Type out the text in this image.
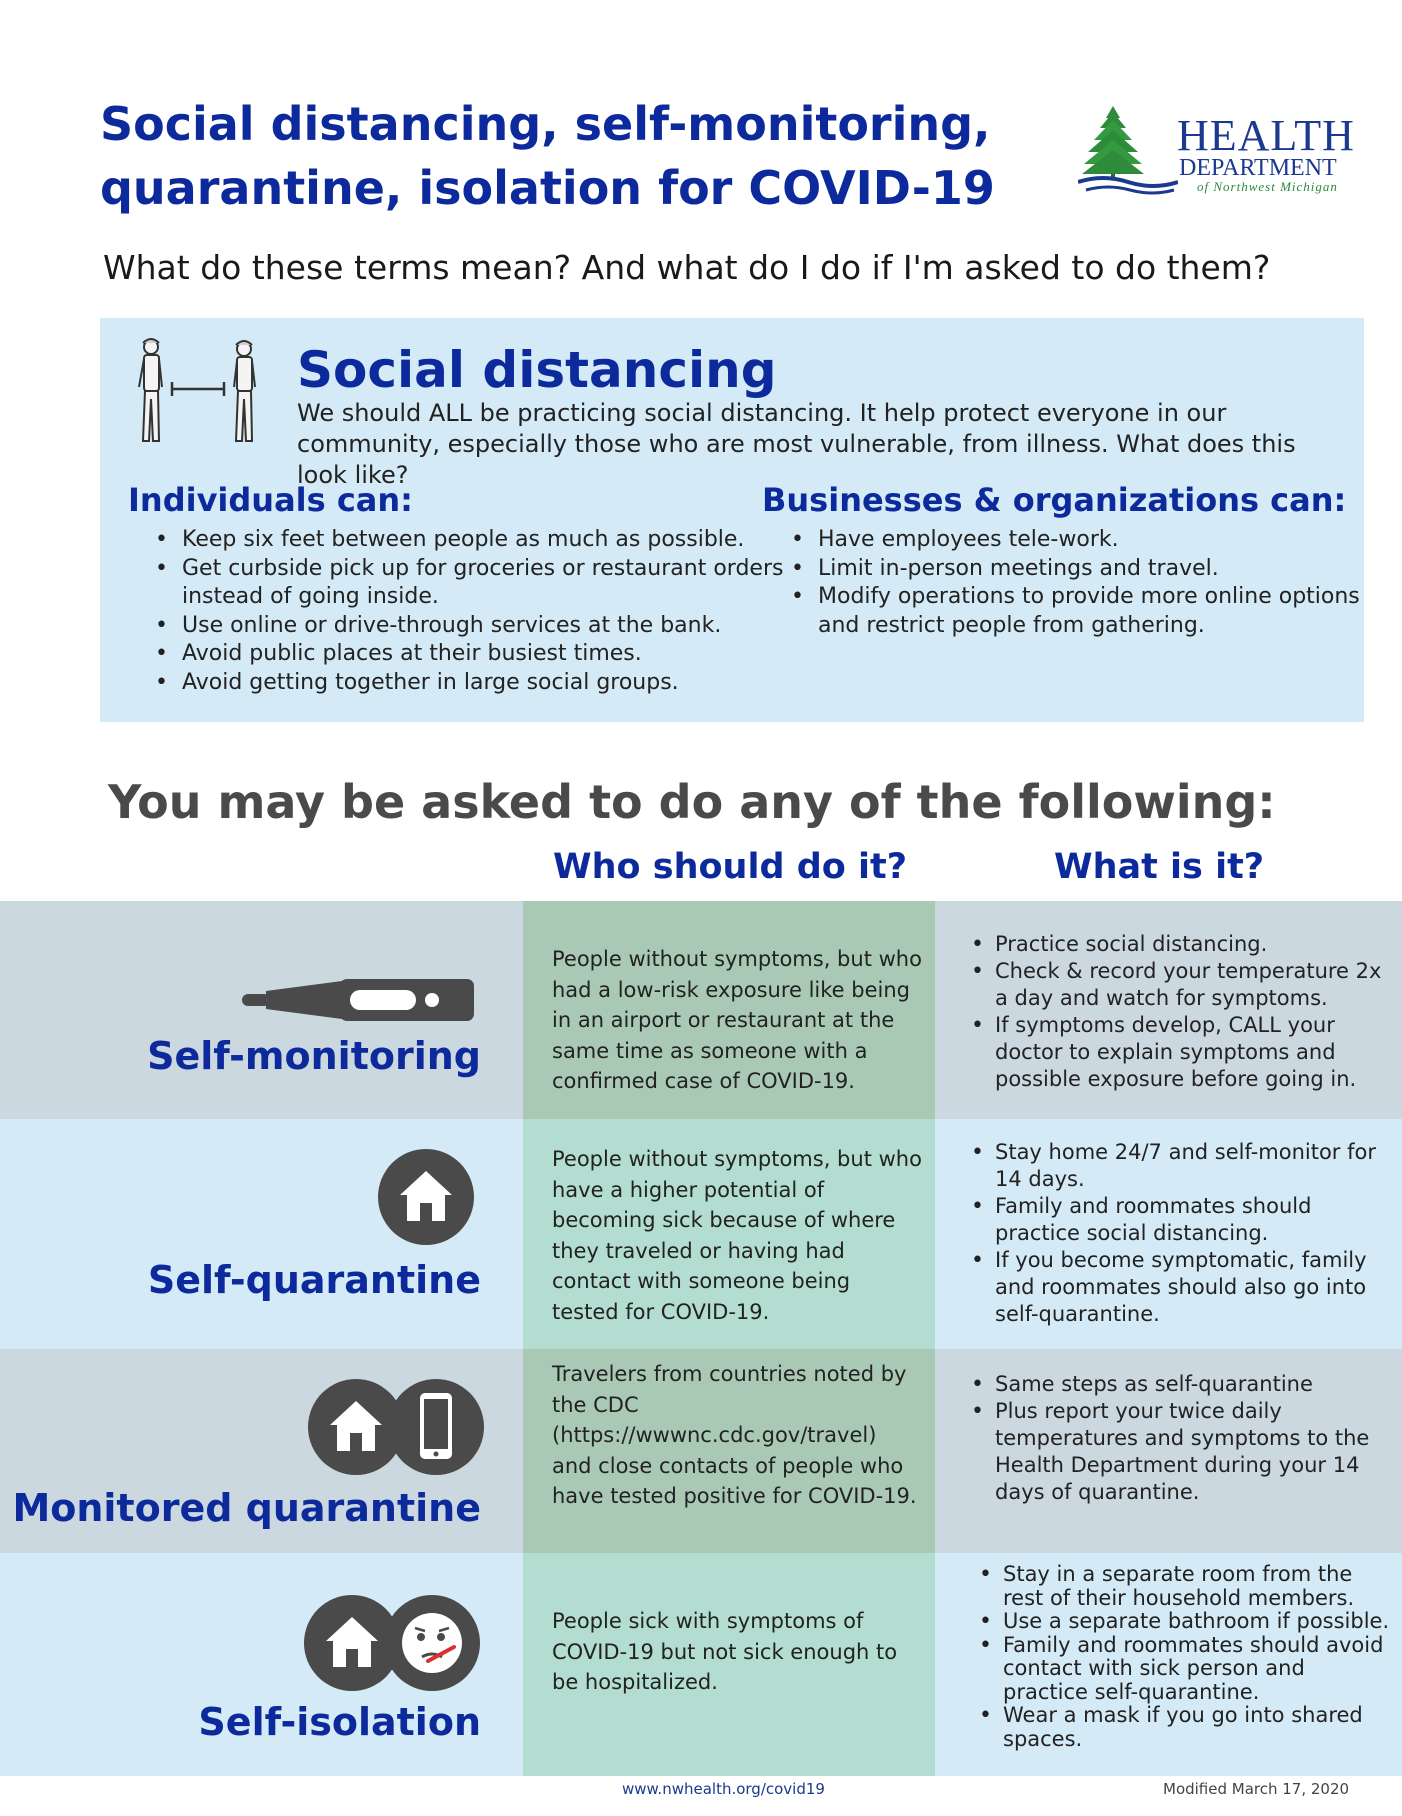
Social distancing, self-monitoring,
quarantine, isolation for COVID-19
HEALTH
DEPARTMENT
of Northwest Michigan
What do these terms mean? And what do I do if I'm asked to do them?
Social distancing
We should ALL be practicing social distancing. It help protect everyone in our community, especially those who are most vulnerable, from illness. What does this look like?
Individuals can:
• Keep six feet between people as much as possible.
• Get curbside pick up for groceries or restaurant orders instead of going inside.
• Use online or drive-through services at the bank.
• Avoid public places at their busiest times.
• Avoid getting together in large social groups.
Businesses & organizations can:
• Have employees tele-work.
• Limit in-person meetings and travel.
• Modify operations to provide more online options and restrict people from gathering.
You may be asked to do any of the following:
Who should do it?	What is it?
Self-monitoring
People without symptoms, but who had a low-risk exposure like being in an airport or restaurant at the same time as someone with a confirmed case of COVID-19.
• Practice social distancing.
• Check & record your temperature 2x a day and watch for symptoms.
• If symptoms develop, CALL your doctor to explain symptoms and possible exposure before going in.
Self-quarantine
People without symptoms, but who have a higher potential of becoming sick because of where they traveled or having had contact with someone being tested for COVID-19.
• Stay home 24/7 and self-monitor for 14 days.
• Family and roommates should practice social distancing.
• If you become symptomatic, family and roommates should also go into self-quarantine.
Monitored quarantine
Travelers from countries noted by the CDC (https://wwwnc.cdc.gov/travel) and close contacts of people who have tested positive for COVID-19.
• Same steps as self-quarantine
• Plus report your twice daily temperatures and symptoms to the Health Department during your 14 days of quarantine.
Self-isolation
People sick with symptoms of COVID-19 but not sick enough to be hospitalized.
• Stay in a separate room from the rest of their household members.
• Use a separate bathroom if possible.
• Family and roommates should avoid contact with sick person and practice self-quarantine.
• Wear a mask if you go into shared spaces.
www.nwhealth.org/covid19	Modified March 17, 2020
